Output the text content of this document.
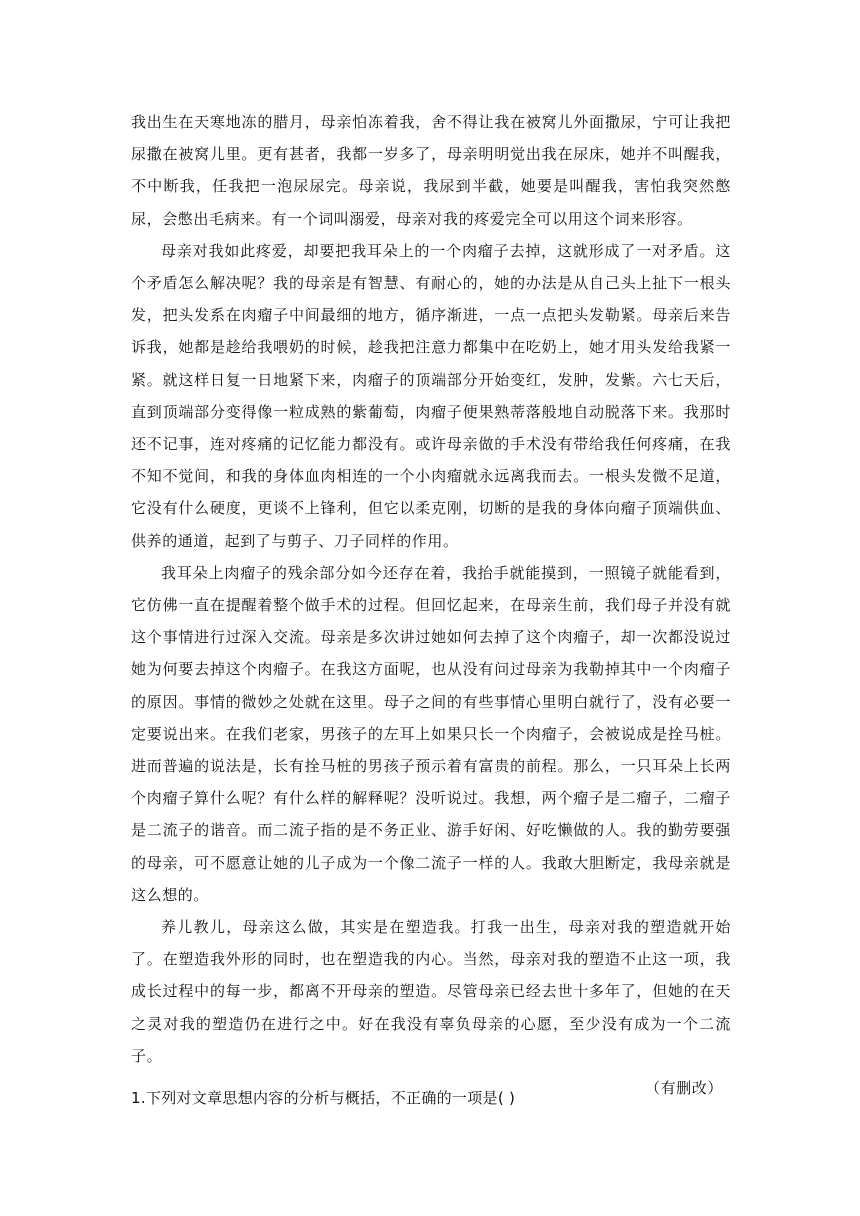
我出生在天寒地冻的腊月，母亲怕冻着我，舍不得让我在被窝儿外面撒尿，宁可让我把尿撒在被窝儿里。更有甚者，我都一岁多了，母亲明明觉出我在尿床，她并不叫醒我，不中断我，任我把一泡尿尿完。母亲说，我尿到半截，她要是叫醒我，害怕我突然憋尿，会憋出毛病来。有一个词叫溺爱，母亲对我的疼爱完全可以用这个词来形容。

母亲对我如此疼爱，却要把我耳朵上的一个肉瘤子去掉，这就形成了一对矛盾。这个矛盾怎么解决呢？我的母亲是有智慧、有耐心的，她的办法是从自己头上扯下一根头发，把头发系在肉瘤子中间最细的地方，循序渐进，一点一点把头发勒紧。母亲后来告诉我，她都是趁给我喂奶的时候，趁我把注意力都集中在吃奶上，她才用头发给我紧一紧。就这样日复一日地紧下来，肉瘤子的顶端部分开始变红，发肿，发紫。六七天后，直到顶端部分变得像一粒成熟的紫葡萄，肉瘤子便果熟蒂落般地自动脱落下来。我那时还不记事，连对疼痛的记忆能力都没有。或许母亲做的手术没有带给我任何疼痛，在我不知不觉间，和我的身体血肉相连的一个小肉瘤就永远离我而去。一根头发微不足道，它没有什么硬度，更谈不上锋利，但它以柔克刚，切断的是我的身体向瘤子顶端供血、供养的通道，起到了与剪子、刀子同样的作用。

我耳朵上肉瘤子的残余部分如今还存在着，我抬手就能摸到，一照镜子就能看到，它仿佛一直在提醒着整个做手术的过程。但回忆起来，在母亲生前，我们母子并没有就这个事情进行过深入交流。母亲是多次讲过她如何去掉了这个肉瘤子，却一次都没说过她为何要去掉这个肉瘤子。在我这方面呢，也从没有问过母亲为我勒掉其中一个肉瘤子的原因。事情的微妙之处就在这里。母子之间的有些事情心里明白就行了，没有必要一定要说出来。在我们老家，男孩子的左耳上如果只长一个肉瘤子，会被说成是拴马桩。进而普遍的说法是，长有拴马桩的男孩子预示着有富贵的前程。那么，一只耳朵上长两个肉瘤子算什么呢？有什么样的解释呢？没听说过。我想，两个瘤子是二瘤子，二瘤子是二流子的谐音。而二流子指的是不务正业、游手好闲、好吃懒做的人。我的勤劳要强的母亲，可不愿意让她的儿子成为一个像二流子一样的人。我敢大胆断定，我母亲就是这么想的。

养儿教儿，母亲这么做，其实是在塑造我。打我一出生，母亲对我的塑造就开始了。在塑造我外形的同时，也在塑造我的内心。当然，母亲对我的塑造不止这一项，我成长过程中的每一步，都离不开母亲的塑造。尽管母亲已经去世十多年了，但她的在天之灵对我的塑造仍在进行之中。好在我没有辜负母亲的心愿，至少没有成为一个二流子。

（有删改）

1.下列对文章思想内容的分析与概括，不正确的一项是( )
